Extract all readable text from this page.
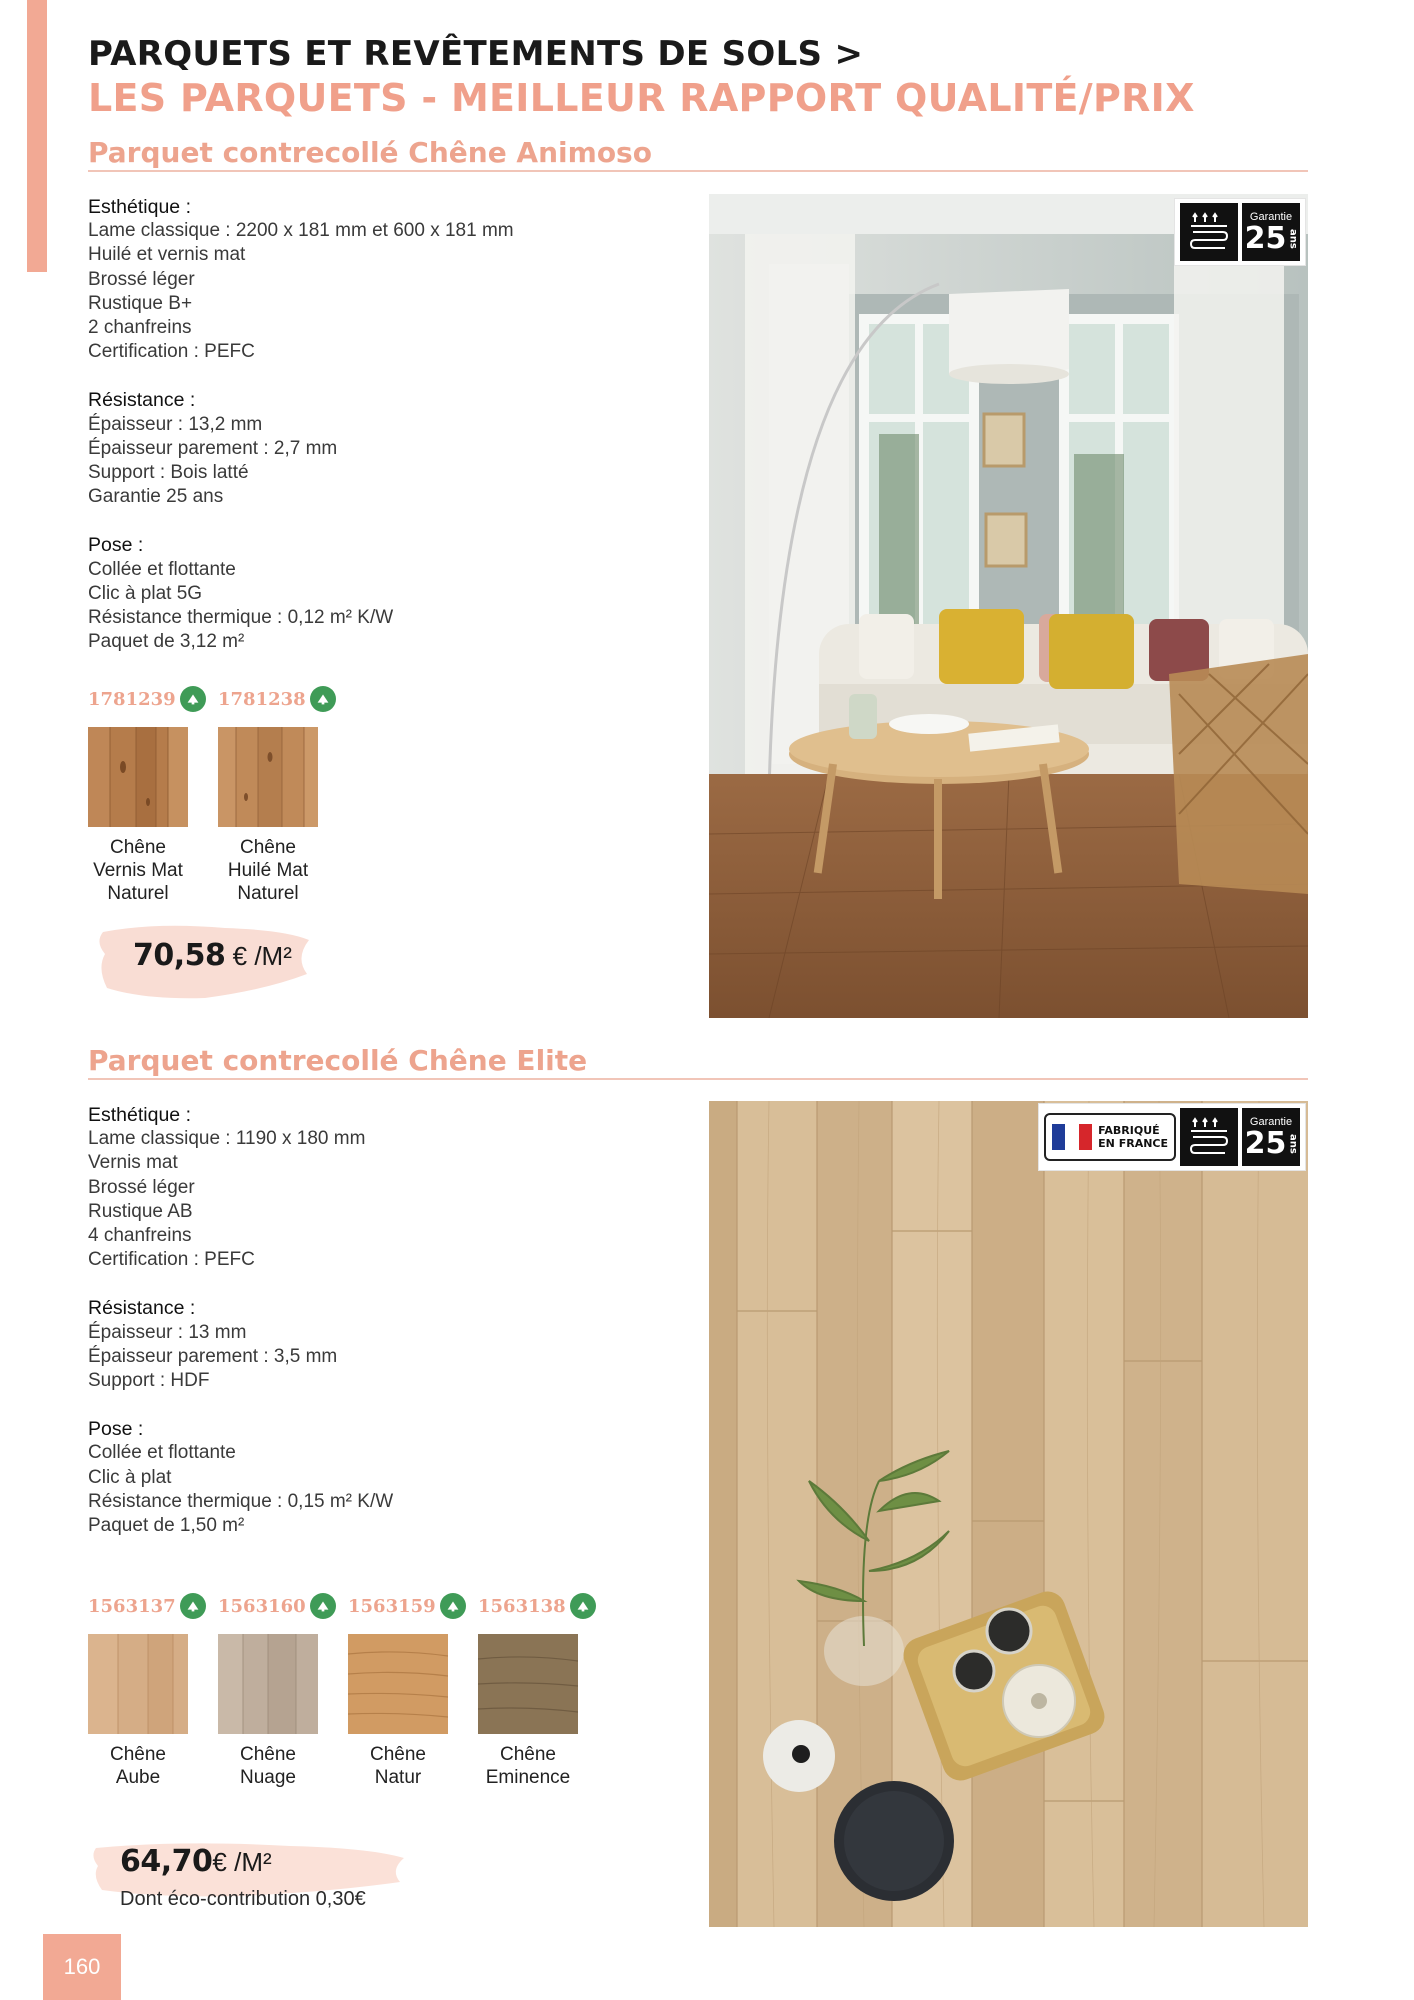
PARQUETS ET REVÊTEMENTS DE SOLS >
LES PARQUETS - MEILLEUR RAPPORT QUALITÉ/PRIX
Parquet contrecollé Chêne Animoso
Esthétique :
Lame classique : 2200 x 181 mm et 600 x 181 mm
Huilé et vernis mat
Brossé léger
Rustique B+
2 chanfreins
Certification : PEFC
Résistance :
Épaisseur : 13,2 mm
Épaisseur parement : 2,7 mm
Support : Bois latté
Garantie 25 ans
Pose :
Collée et flottante
Clic à plat 5G
Résistance thermique : 0,12 m² K/W
Paquet de 3,12 m²
1781239 1781238
Chêne
Vernis Mat
Naturel
Chêne
Huilé Mat
Naturel
70,58 € /M²
Garantie
25 ans
Parquet contrecollé Chêne Elite
Esthétique :
Lame classique : 1190 x 180 mm
Vernis mat
Brossé léger
Rustique AB
4 chanfreins
Certification : PEFC
Résistance :
Épaisseur : 13 mm
Épaisseur parement : 3,5 mm
Support : HDF
Pose :
Collée et flottante
Clic à plat
Résistance thermique : 0,15 m² K/W
Paquet de 1,50 m²
1563137 1563160 1563159 1563138
Chêne
Aube
Chêne
Nuage
Chêne
Natur
Chêne
Eminence
64,70€ /M²
Dont éco-contribution 0,30€
FABRIQUÉ
EN FRANCE
Garantie
25 ans
160
